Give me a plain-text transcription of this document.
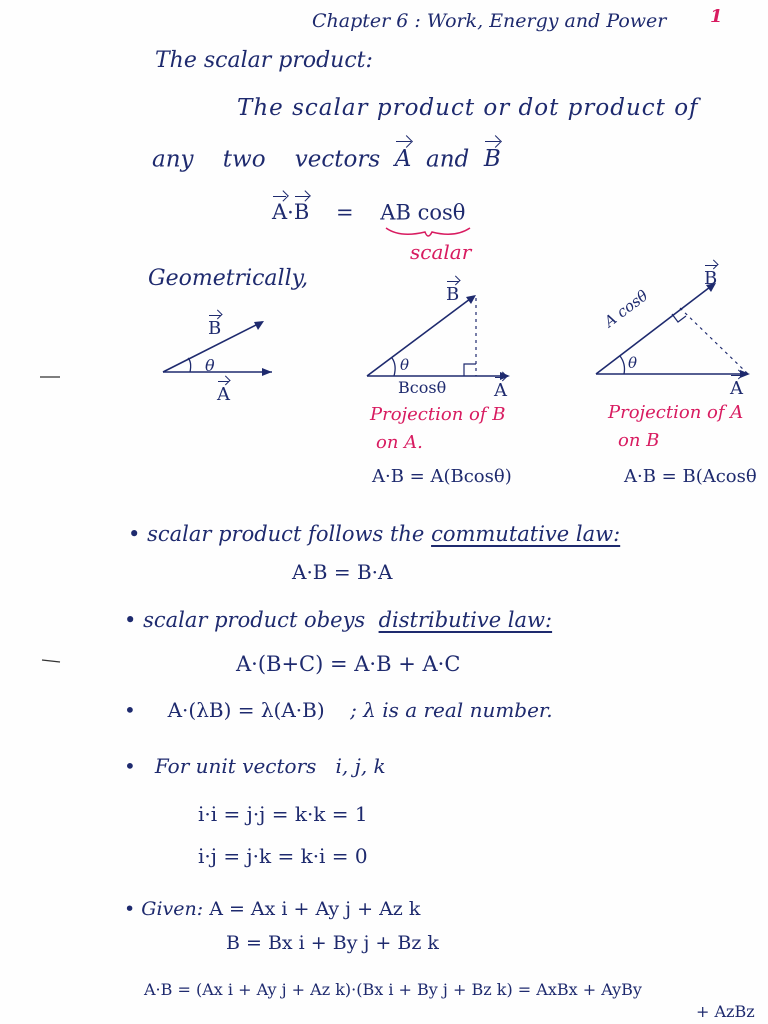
Chapter 6 : Work, Energy and Power 1
The scalar product:
The scalar product or dot product of
any    two    vectors  A  and  B
A·B    =    AB cosθ
scalar
Geometrically,
B
θ
A
B
θ
Bcosθ	A
Projection of B
on A.
A·B = A(Bcosθ)
B
A cosθ
θ
A
Projection of A
on B
A·B = B(Acosθ
• scalar product follows the commutative law:
A·B = B·A
• scalar product obeys distributive law:
A·(B+C) = A·B + A·C
• A·(λB) = λ(A·B) ; λ is a real number.
• For unit vectors i, j, k
i·i = j·j = k·k = 1
i·j = j·k = k·i = 0
• Given: A = Ax i + Ay j + Az k
B = Bx i + By j + Bz k
A·B = (Ax i + Ay j + Az k)·(Bx i + By j + Bz k) = AxBx + AyBy
+ AzBz
